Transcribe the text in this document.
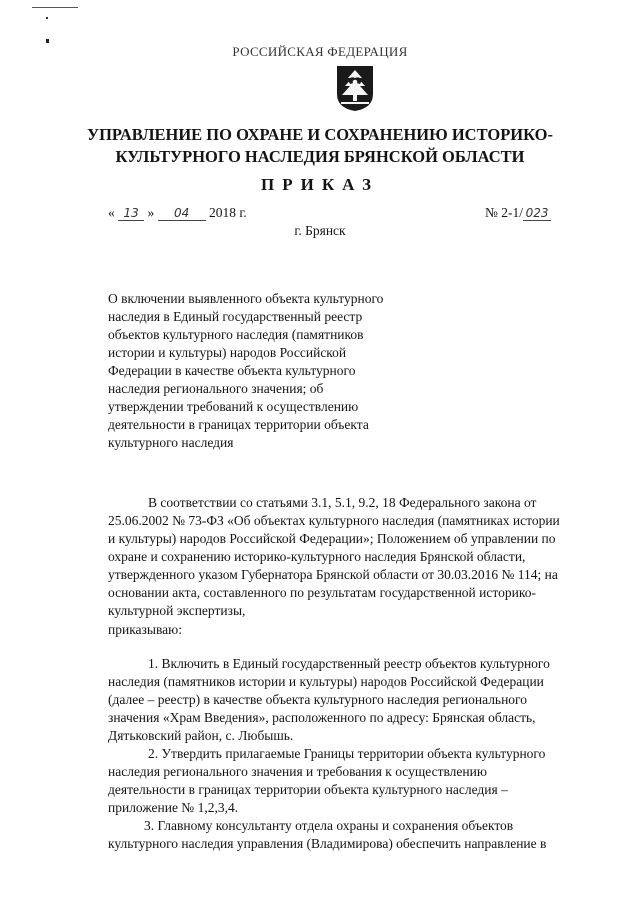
РОССИЙСКАЯ ФЕДЕРАЦИЯ
УПРАВЛЕНИЕ ПО ОХРАНЕ И СОХРАНЕНИЮ ИСТОРИКО-
КУЛЬТУРНОГО НАСЛЕДИЯ БРЯНСКОЙ ОБЛАСТИ
ПРИКАЗ
« 13 » 04 2018 г.	№ 2-1/ 023
г. Брянск

О включении выявленного объекта культурного
наследия в Единый государственный реестр
объектов культурного наследия (памятников
истории и культуры) народов Российской
Федерации в качестве объекта культурного
наследия регионального значения; об
утверждении требований к осуществлению
деятельности в границах территории объекта
культурного наследия

В соответствии со статьями 3.1, 5.1, 9.2, 18 Федерального закона от
25.06.2002 № 73-ФЗ «Об объектах культурного наследия (памятниках истории
и культуры) народов Российской Федерации»; Положением об управлении по
охране и сохранению историко-культурного наследия Брянской области,
утвержденного указом Губернатора Брянской области от 30.03.2016 № 114; на
основании акта, составленного по результатам государственной историко-
культурной экспертизы,

приказываю:

1. Включить в Единый государственный реестр объектов культурного
наследия (памятников истории и культуры) народов Российской Федерации
(далее – реестр) в качестве объекта культурного наследия регионального
значения «Храм Введения», расположенного по адресу: Брянская область,
Дятьковский район, с. Любышь.

2. Утвердить прилагаемые Границы территории объекта культурного
наследия регионального значения и требования к осуществлению
деятельности в границах территории объекта культурного наследия –
приложение № 1,2,3,4.

3. Главному консультанту отдела охраны и сохранения объектов
культурного наследия управления (Владимирова) обеспечить направление в
